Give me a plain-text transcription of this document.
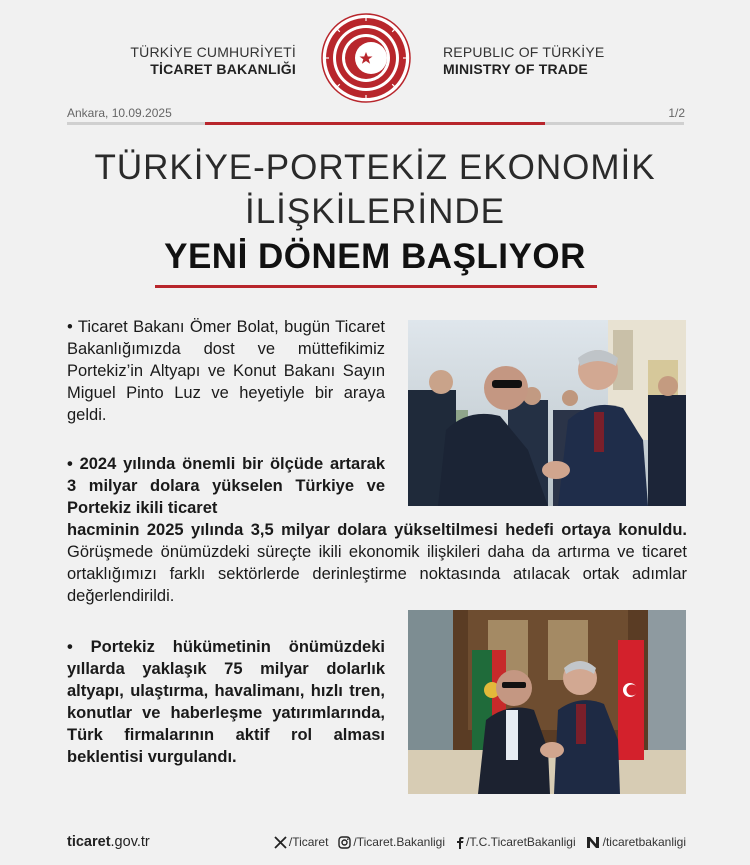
TÜRKİYE CUMHURİYETİ
TİCARET BAKANLIĞI
REPUBLIC OF TÜRKİYE
MINISTRY OF TRADE
Ankara, 10.09.2025	1/2
TÜRKİYE-PORTEKİZ EKONOMİK
İLİŞKİLERİNDE
YENİ DÖNEM BAŞLIYOR

• Ticaret Bakanı Ömer Bolat, bugün Ticaret Bakanlığımızda dost ve müttefikimiz Portekiz’in Altyapı ve Konut Bakanı Sayın Miguel Pinto Luz ve heyetiyle bir araya geldi.

• 2024 yılında önemli bir ölçüde artarak 3 milyar dolara yükselen Türkiye ve Portekiz ikili ticaret

hacminin 2025 yılında 3,5 milyar dolara yükseltilmesi hedefi ortaya konuldu. Görüşmede önümüzdeki süreçte ikili ekonomik ilişkileri daha da artırma ve ticaret ortaklığımızı farklı sektörlerde derinleştirme noktasında atılacak ortak adımlar değerlendirildi.

• Portekiz hükümetinin önümüzdeki yıllarda yaklaşık 75 milyar dolarlık altyapı, ulaştırma, havalimanı, hızlı tren, konutlar ve haberleşme yatırımlarında, Türk firmalarının aktif rol alması beklentisi vurgulandı.

ticaret.gov.tr	/Ticaret /Ticaret.Bakanligi /T.C.TicaretBakanligi /ticaretbakanligi
